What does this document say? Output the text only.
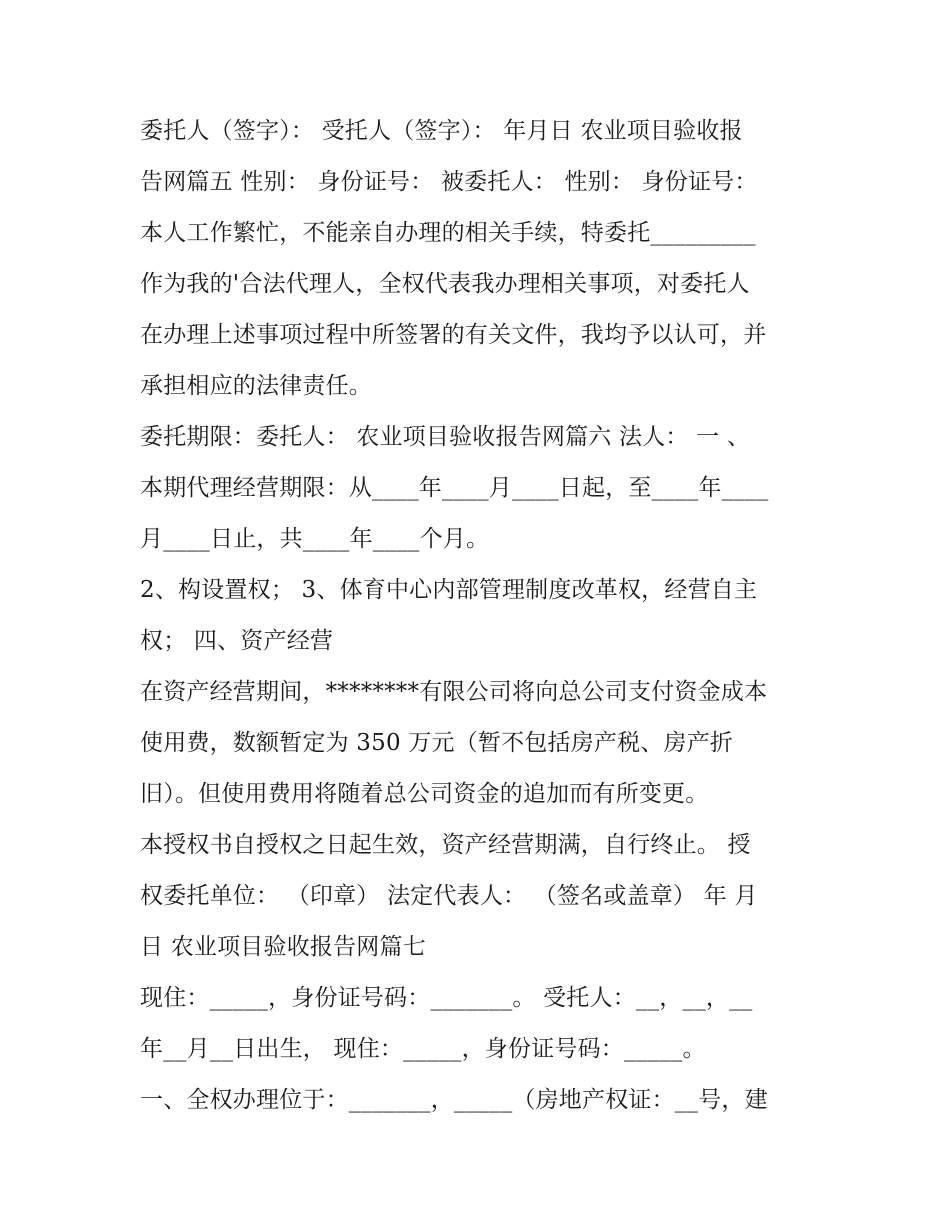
委托人（签字）： 受托人（签字）： 年月日 农业项目验收报
告网篇五 性别： 身份证号： 被委托人： 性别： 身份证号：
本人工作繁忙，不能亲自办理的相关手续，特委托_________
作为我的'合法代理人，全权代表我办理相关事项，对委托人
在办理上述事项过程中所签署的有关文件，我均予以认可，并
承担相应的法律责任。
委托期限：委托人： 农业项目验收报告网篇六 法人： 一 、
本期代理经营期限：从____年____月____日起，至____年____
月____日止，共____年____个月。
2、构设置权； 3、体育中心内部管理制度改革权，经营自主
权； 四、资产经营
在资产经营期间，********有限公司将向总公司支付资金成本
使用费，数额暂定为 350 万元（暂不包括房产税、房产折
旧）。但使用费用将随着总公司资金的追加而有所变更。
本授权书自授权之日起生效，资产经营期满，自行终止。 授
权委托单位： （印章） 法定代表人： （签名或盖章） 年 月
日 农业项目验收报告网篇七
现住：_____，身份证号码：_______。 受托人：__，__，__
年__月__日出生， 现住：_____，身份证号码：_____。
一、全权办理位于：_______，_____（房地产权证：__号，建
